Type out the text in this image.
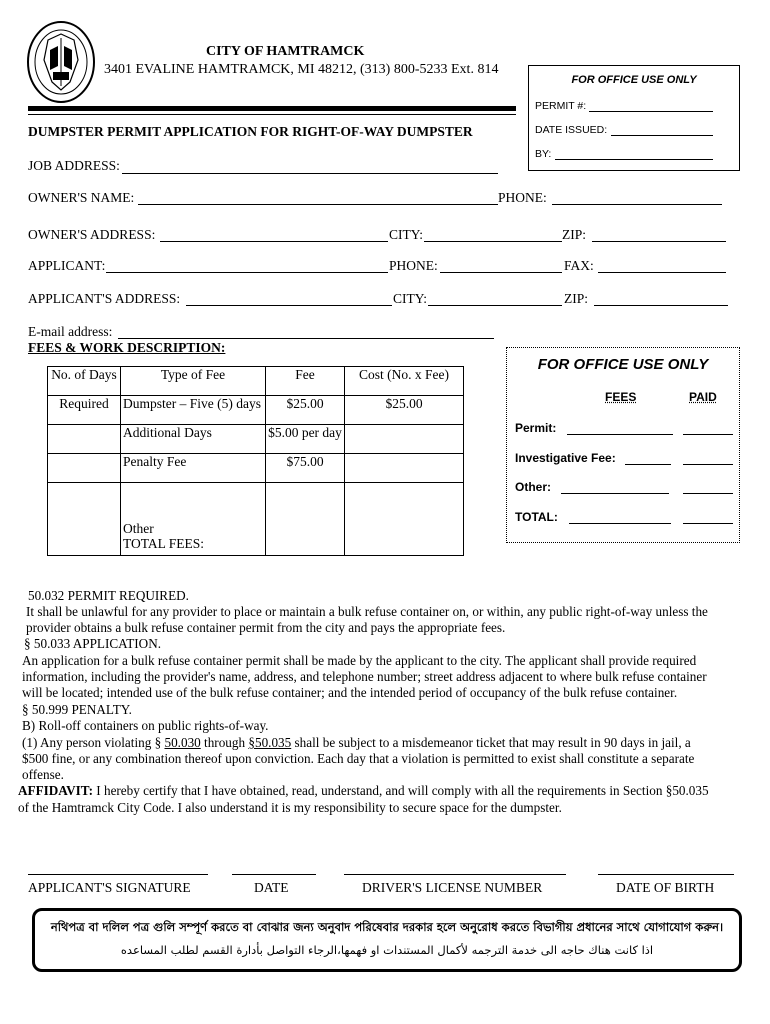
CITY OF HAMTRAMCK
3401 EVALINE HAMTRAMCK, MI 48212, (313) 800-5233 Ext. 814
FOR OFFICE USE ONLY
PERMIT #:
DATE ISSUED:
BY:
DUMPSTER PERMIT APPLICATION FOR RIGHT-OF-WAY DUMPSTER
JOB ADDRESS:
OWNER'S NAME:	PHONE:
OWNER'S ADDRESS:	CITY:	ZIP:
APPLICANT:	PHONE:	FAX:
APPLICANT'S ADDRESS:	CITY:	ZIP:
E-mail address:
FEES & WORK DESCRIPTION:
No. of Days	Type of Fee	Fee	Cost (No. x Fee)
Required	Dumpster – Five (5) days	$25.00	$25.00
	Additional Days	$5.00 per day	
	Penalty Fee	$75.00	

	Other
TOTAL FEES:		

FOR OFFICE USE ONLY
FEES	PAID
Permit:
Investigative Fee:
Other:
TOTAL:
50.032 PERMIT REQUIRED.
It shall be unlawful for any provider to place or maintain a bulk refuse container on, or within, any public right-of-way unless the
provider obtains a bulk refuse container permit from the city and pays the appropriate fees.
§ 50.033 APPLICATION.
An application for a bulk refuse container permit shall be made by the applicant to the city. The applicant shall provide required
information, including the provider's name, address, and telephone number; street address adjacent to where bulk refuse container
will be located; intended use of the bulk refuse container; and the intended period of occupancy of the bulk refuse container.
§ 50.999 PENALTY.
B) Roll-off containers on public rights-of-way.
(1) Any person violating § 50.030 through §50.035 shall be subject to a misdemeanor ticket that may result in 90 days in jail, a
$500 fine, or any combination thereof upon conviction. Each day that a violation is permitted to exist shall constitute a separate
offense.
AFFIDAVIT: I hereby certify that I have obtained, read, understand, and will comply with all the requirements in Section §50.035
of the Hamtramck City Code. I also understand it is my responsibility to secure space for the dumpster.
APPLICANT'S SIGNATURE	DATE	DRIVER'S LICENSE NUMBER	DATE OF BIRTH
নথিপত্র বা দলিল পত্র গুলি সম্পূর্ণ করতে বা বোঝার জন্য অনুবাদ পরিষেবার দরকার হলে অনুরোধ করতে বিভাগীয় প্রধানের সাথে যোগাযোগ করুন।
اذا كانت هناك حاجه الى خدمة الترجمه لأكمال المستندات او فهمها،الرجاء التواصل بأدارة القسم لطلب المساعده
